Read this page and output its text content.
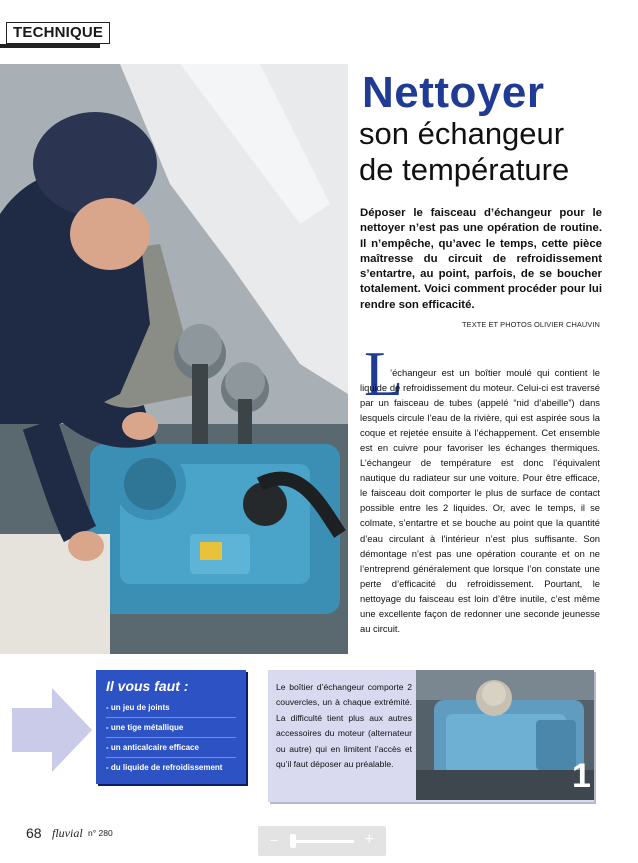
TECHNIQUE
Nettoyer
son échangeur
de température

Déposer le faisceau d’échangeur pour le nettoyer n’est pas une opération de routine. Il n’empêche, qu’avec le temps, cette pièce maîtresse du circuit de refroidissement s’entartre, au point, parfois, de se boucher totalement. Voici comment procéder pour lui rendre son efficacité.

TEXTE ET PHOTOS OLIVIER CHAUVIN
L

’échangeur est un boîtier moulé qui contient le liquide de refroidissement du moteur. Celui-ci est traversé par un faisceau de tubes (appelé “nid d’abeille”) dans lesquels circule l’eau de la rivière, qui est aspirée sous la coque et rejetée ensuite à l’échappement. Cet ensemble est en cuivre pour favoriser les échanges thermiques. L’échangeur de température est donc l’équivalent nautique du radiateur sur une voiture. Pour être efficace, le faisceau doit comporter le plus de surface de contact possible entre les 2 liquides. Or, avec le temps, il se colmate, s’entartre et se bouche au point que la quantité d’eau circulant à l’intérieur n’est plus suffisante. Son démontage n’est pas une opération courante et on ne l’entreprend généralement que lorsque l’on constate une perte d’efficacité du refroidissement. Pourtant, le nettoyage du faisceau est loin d’être inutile, c’est même une excellente façon de redonner une seconde jeunesse au circuit.

Il vous faut :
- un jeu de joints
- une tige métallique
- un anticalcaire efficace
- du liquide de refroidissement

Le boîtier d’échangeur comporte 2 couvercles, un à chaque extrémité. La difficulté tient plus aux autres accessoires du moteur (alternateur ou autre) qui en limitent l’accès et qu’il faut déposer au préalable.	1
68 fluvial n° 280	−	+
